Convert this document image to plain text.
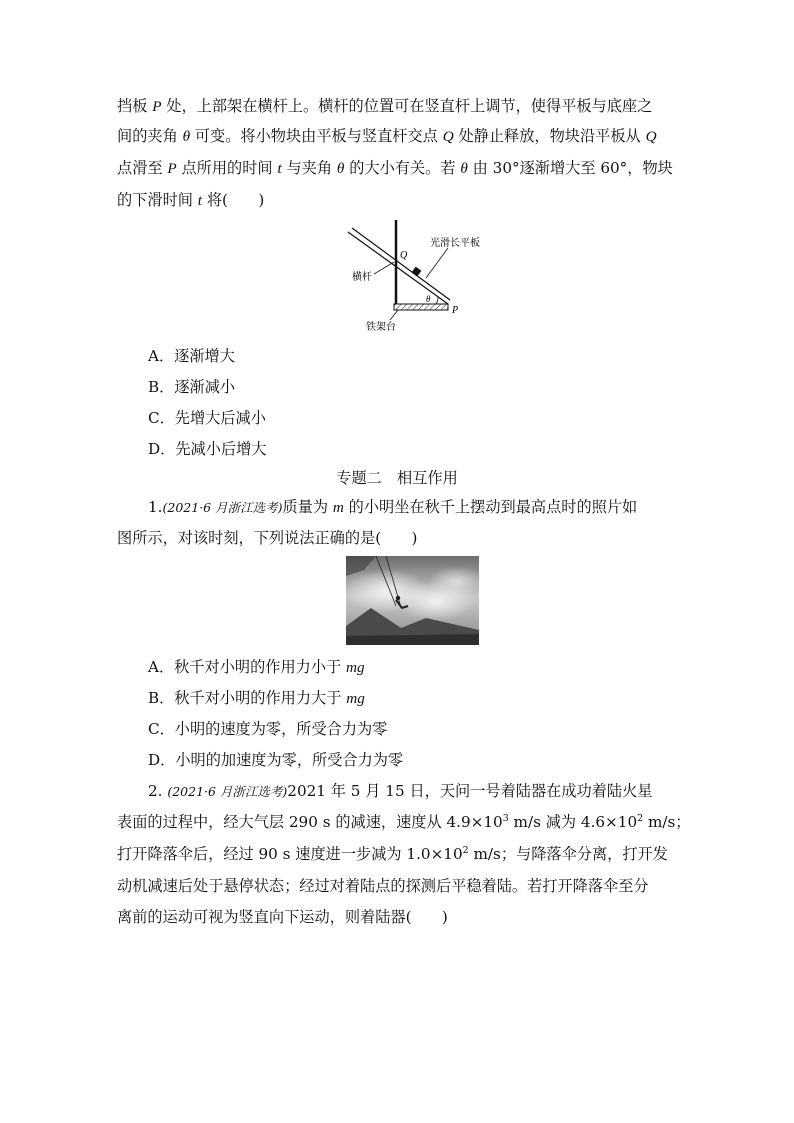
挡板 P 处，上部架在横杆上。横杆的位置可在竖直杆上调节，使得平板与底座之
间的夹角 θ 可变。将小物块由平板与竖直杆交点 Q 处静止释放，物块沿平板从 Q
点滑至 P 点所用的时间 t 与夹角 θ 的大小有关。若 θ 由 30°逐渐增大至 60°，物块
的下滑时间 t 将(　　)
光滑长平板
横杆
铁架台
Q
P
θ
A．逐渐增大
B．逐渐减小
C．先增大后减小
D．先减小后增大
专题二　相互作用
1.(2021·6 月浙江选考)质量为 m 的小明坐在秋千上摆动到最高点时的照片如
图所示，对该时刻，下列说法正确的是(　　)
A．秋千对小明的作用力小于 mg
B．秋千对小明的作用力大于 mg
C．小明的速度为零，所受合力为零
D．小明的加速度为零，所受合力为零
2. (2021·6 月浙江选考)2021 年 5 月 15 日，天问一号着陆器在成功着陆火星
表面的过程中，经大气层 290 s 的减速，速度从 $4.9\times 10^3$ m/s 减为 $4.6\times 10^2$ m/s；
打开降落伞后，经过 90 s 速度进一步减为 $1.0\times 10^2$ m/s；与降落伞分离，打开发
动机减速后处于悬停状态；经过对着陆点的探测后平稳着陆。若打开降落伞至分
离前的运动可视为竖直向下运动，则着陆器(　　)
